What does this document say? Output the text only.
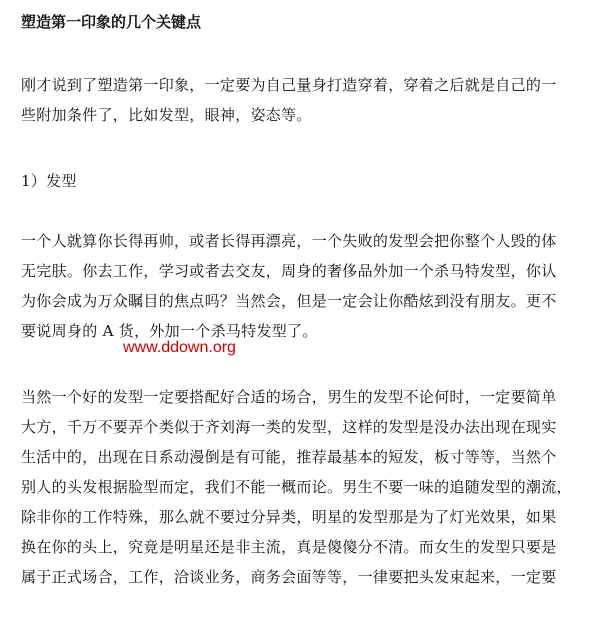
塑造第一印象的几个关键点

刚才说到了塑造第一印象，一定要为自己量身打造穿着，穿着之后就是自己的一
些附加条件了，比如发型，眼神，姿态等。

1）发型

一个人就算你长得再帅，或者长得再漂亮，一个失败的发型会把你整个人毁的体
无完肤。你去工作，学习或者去交友，周身的奢侈品外加一个杀马特发型，你认
为你会成为万众瞩目的焦点吗？当然会，但是一定会让你酷炫到没有朋友。更不
要说周身的 A 货，外加一个杀马特发型了。

www.ddown.org

当然一个好的发型一定要搭配好合适的场合，男生的发型不论何时，一定要简单
大方，千万不要弄个类似于齐刘海一类的发型，这样的发型是没办法出现在现实
生活中的，出现在日系动漫倒是有可能，推荐最基本的短发，板寸等等，当然个
别人的头发根据脸型而定，我们不能一概而论。男生不要一味的追随发型的潮流，
除非你的工作特殊，那么就不要过分异类，明星的发型那是为了灯光效果，如果
换在你的头上，究竟是明星还是非主流，真是傻傻分不清。而女生的发型只要是
属于正式场合，工作，洽谈业务，商务会面等等，一律要把头发束起来，一定要
